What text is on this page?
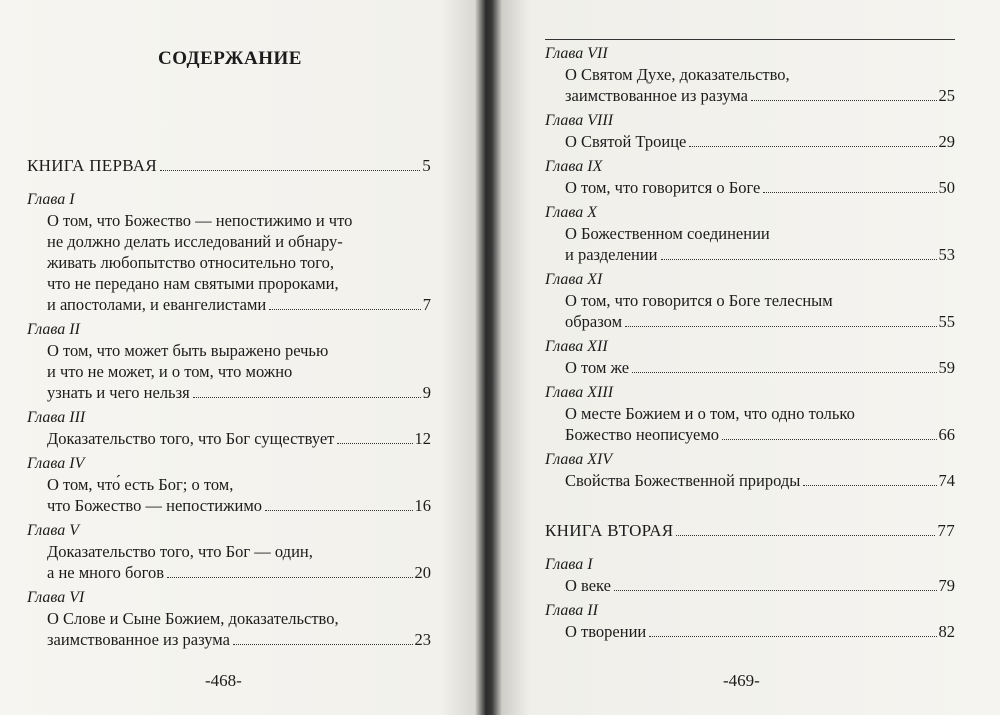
СОДЕРЖАНИЕ
КНИГА ПЕРВАЯ	5
Глава I
О том, что Божество — непостижимо и что
не должно делать исследований и обнару-
живать любопытство относительно того,
что не передано нам святыми пророками,
и апостолами, и евангелистами	7
Глава II
О том, что может быть выражено речью
и что не может, и о том, что можно
узнать и чего нельзя	9
Глава III
Доказательство того, что Бог существует	12
Глава IV
О том, что́ есть Бог; о том,
что Божество — непостижимо	16
Глава V
Доказательство того, что Бог — один,
а не много богов	20
Глава VI
О Слове и Сыне Божием, доказательство,
заимствованное из разума	23
-468-
Глава VII
О Святом Духе, доказательство,
заимствованное из разума	25
Глава VIII
О Святой Троице	29
Глава IX
О том, что говорится о Боге	50
Глава X
О Божественном соединении
и разделении	53
Глава XI
О том, что говорится о Боге телесным
образом	55
Глава XII
О том же	59
Глава XIII
О месте Божием и о том, что одно только
Божество неописуемо	66
Глава XIV
Свойства Божественной природы	74
КНИГА ВТОРАЯ	77
Глава I
О веке	79
Глава II
О творении	82
-469-
